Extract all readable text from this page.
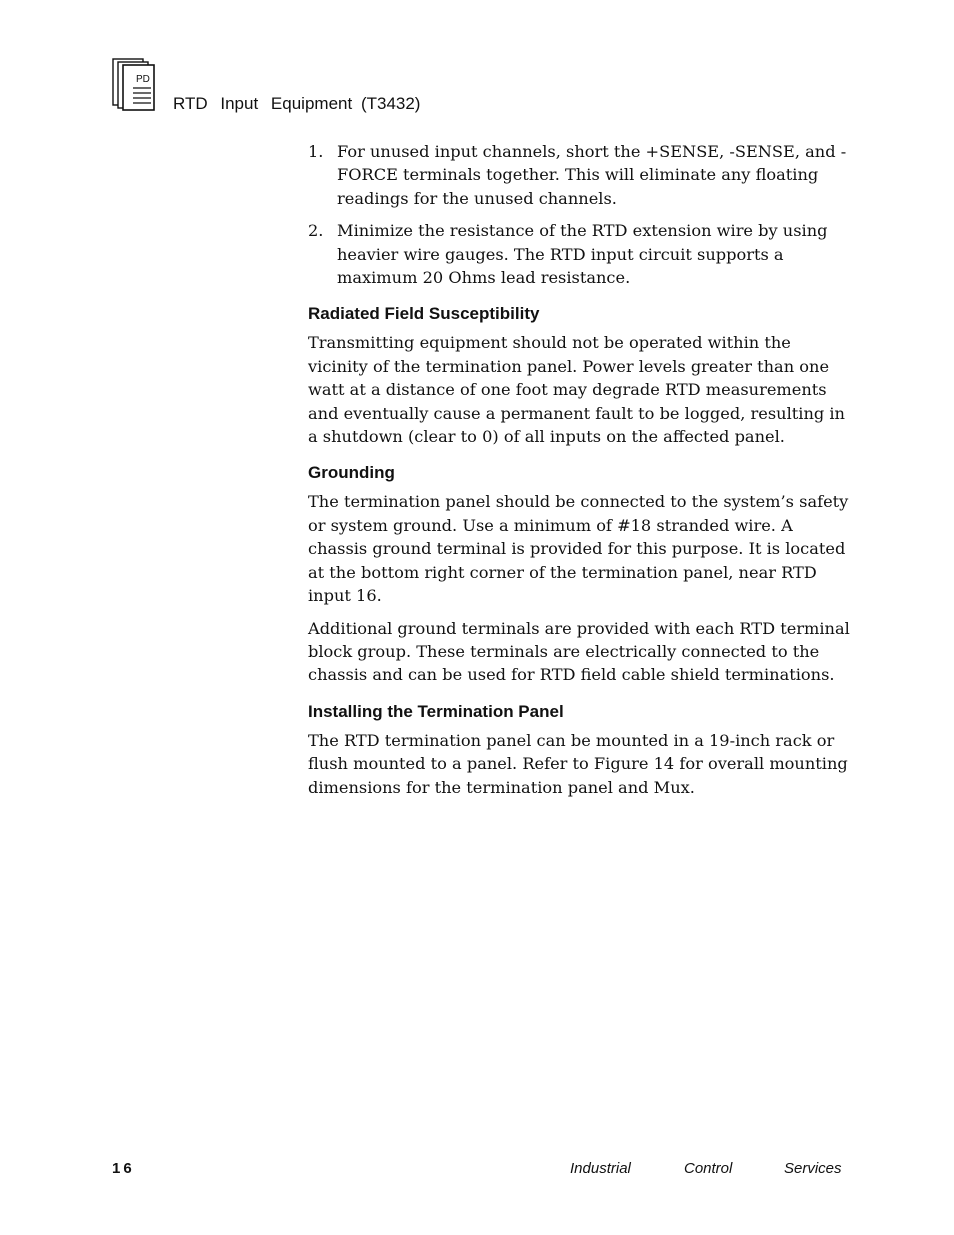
PD
RTD Input Equipment (T3432)
1. For unused input channels, short the +SENSE, -SENSE, and -FORCE terminals together. This will eliminate any floating readings for the unused channels.
2. Minimize the resistance of the RTD extension wire by using heavier wire gauges. The RTD input circuit supports a maximum 20 Ohms lead resistance.
Radiated Field Susceptibility

Transmitting equipment should not be operated within the vicinity of the termination panel. Power levels greater than one watt at a distance of one foot may degrade RTD measurements and eventually cause a permanent fault to be logged, resulting in a shutdown (clear to 0) of all inputs on the affected panel.

Grounding

The termination panel should be connected to the system’s safety or system ground. Use a minimum of #18 stranded wire. A chassis ground terminal is provided for this purpose. It is located at the bottom right corner of the termination panel, near RTD input 16.

Additional ground terminals are provided with each RTD terminal block group. These terminals are electrically connected to the chassis and can be used for RTD field cable shield terminations.

Installing the Termination Panel

The RTD termination panel can be mounted in a 19-inch rack or flush mounted to a panel. Refer to Figure 14 for overall mounting dimensions for the termination panel and Mux.

16	Industrial	Control	Services
